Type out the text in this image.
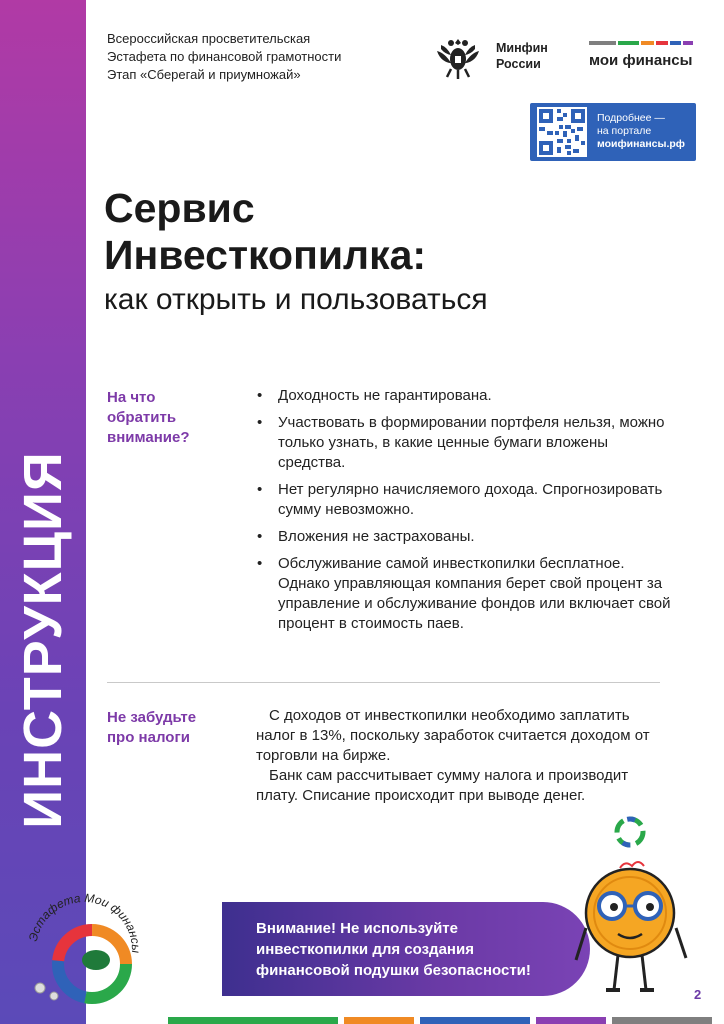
ИНСТРУКЦИЯ
Всероссийская просветительская
Эстафета по финансовой грамотности
Этап «Сберегай и приумножай»
Минфин
России	мои финансы
Подробнее —
на портале
моифинансы.рф
Сервис
Инвесткопилка:
как открыть и пользоваться
На что
обратить
внимание?
• Доходность не гарантирована.
• Участвовать в формировании портфеля нельзя, можно только узнать, в какие ценные бумаги вложены средства.
• Нет регулярно начисляемого дохода. Спрогнозировать сумму невозможно.
• Вложения не застрахованы.
• Обслуживание самой инвесткопилки бесплатное. Однако управляющая компания берет свой процент за управление и обслуживание фондов или включает свой процент в стоимость паев.
Не забудьте
про налоги

С доходов от инвесткопилки необходимо заплатить налог в 13%, поскольку заработок считается доходом от торговли на бирже.

Банк сам рассчитывает сумму налога и производит плату. Списание происходит при выводе денег.

Внимание! Не используйте
инвесткопилки для создания
финансовой подушки безопасности!
Эстафета Мои финансы
2
